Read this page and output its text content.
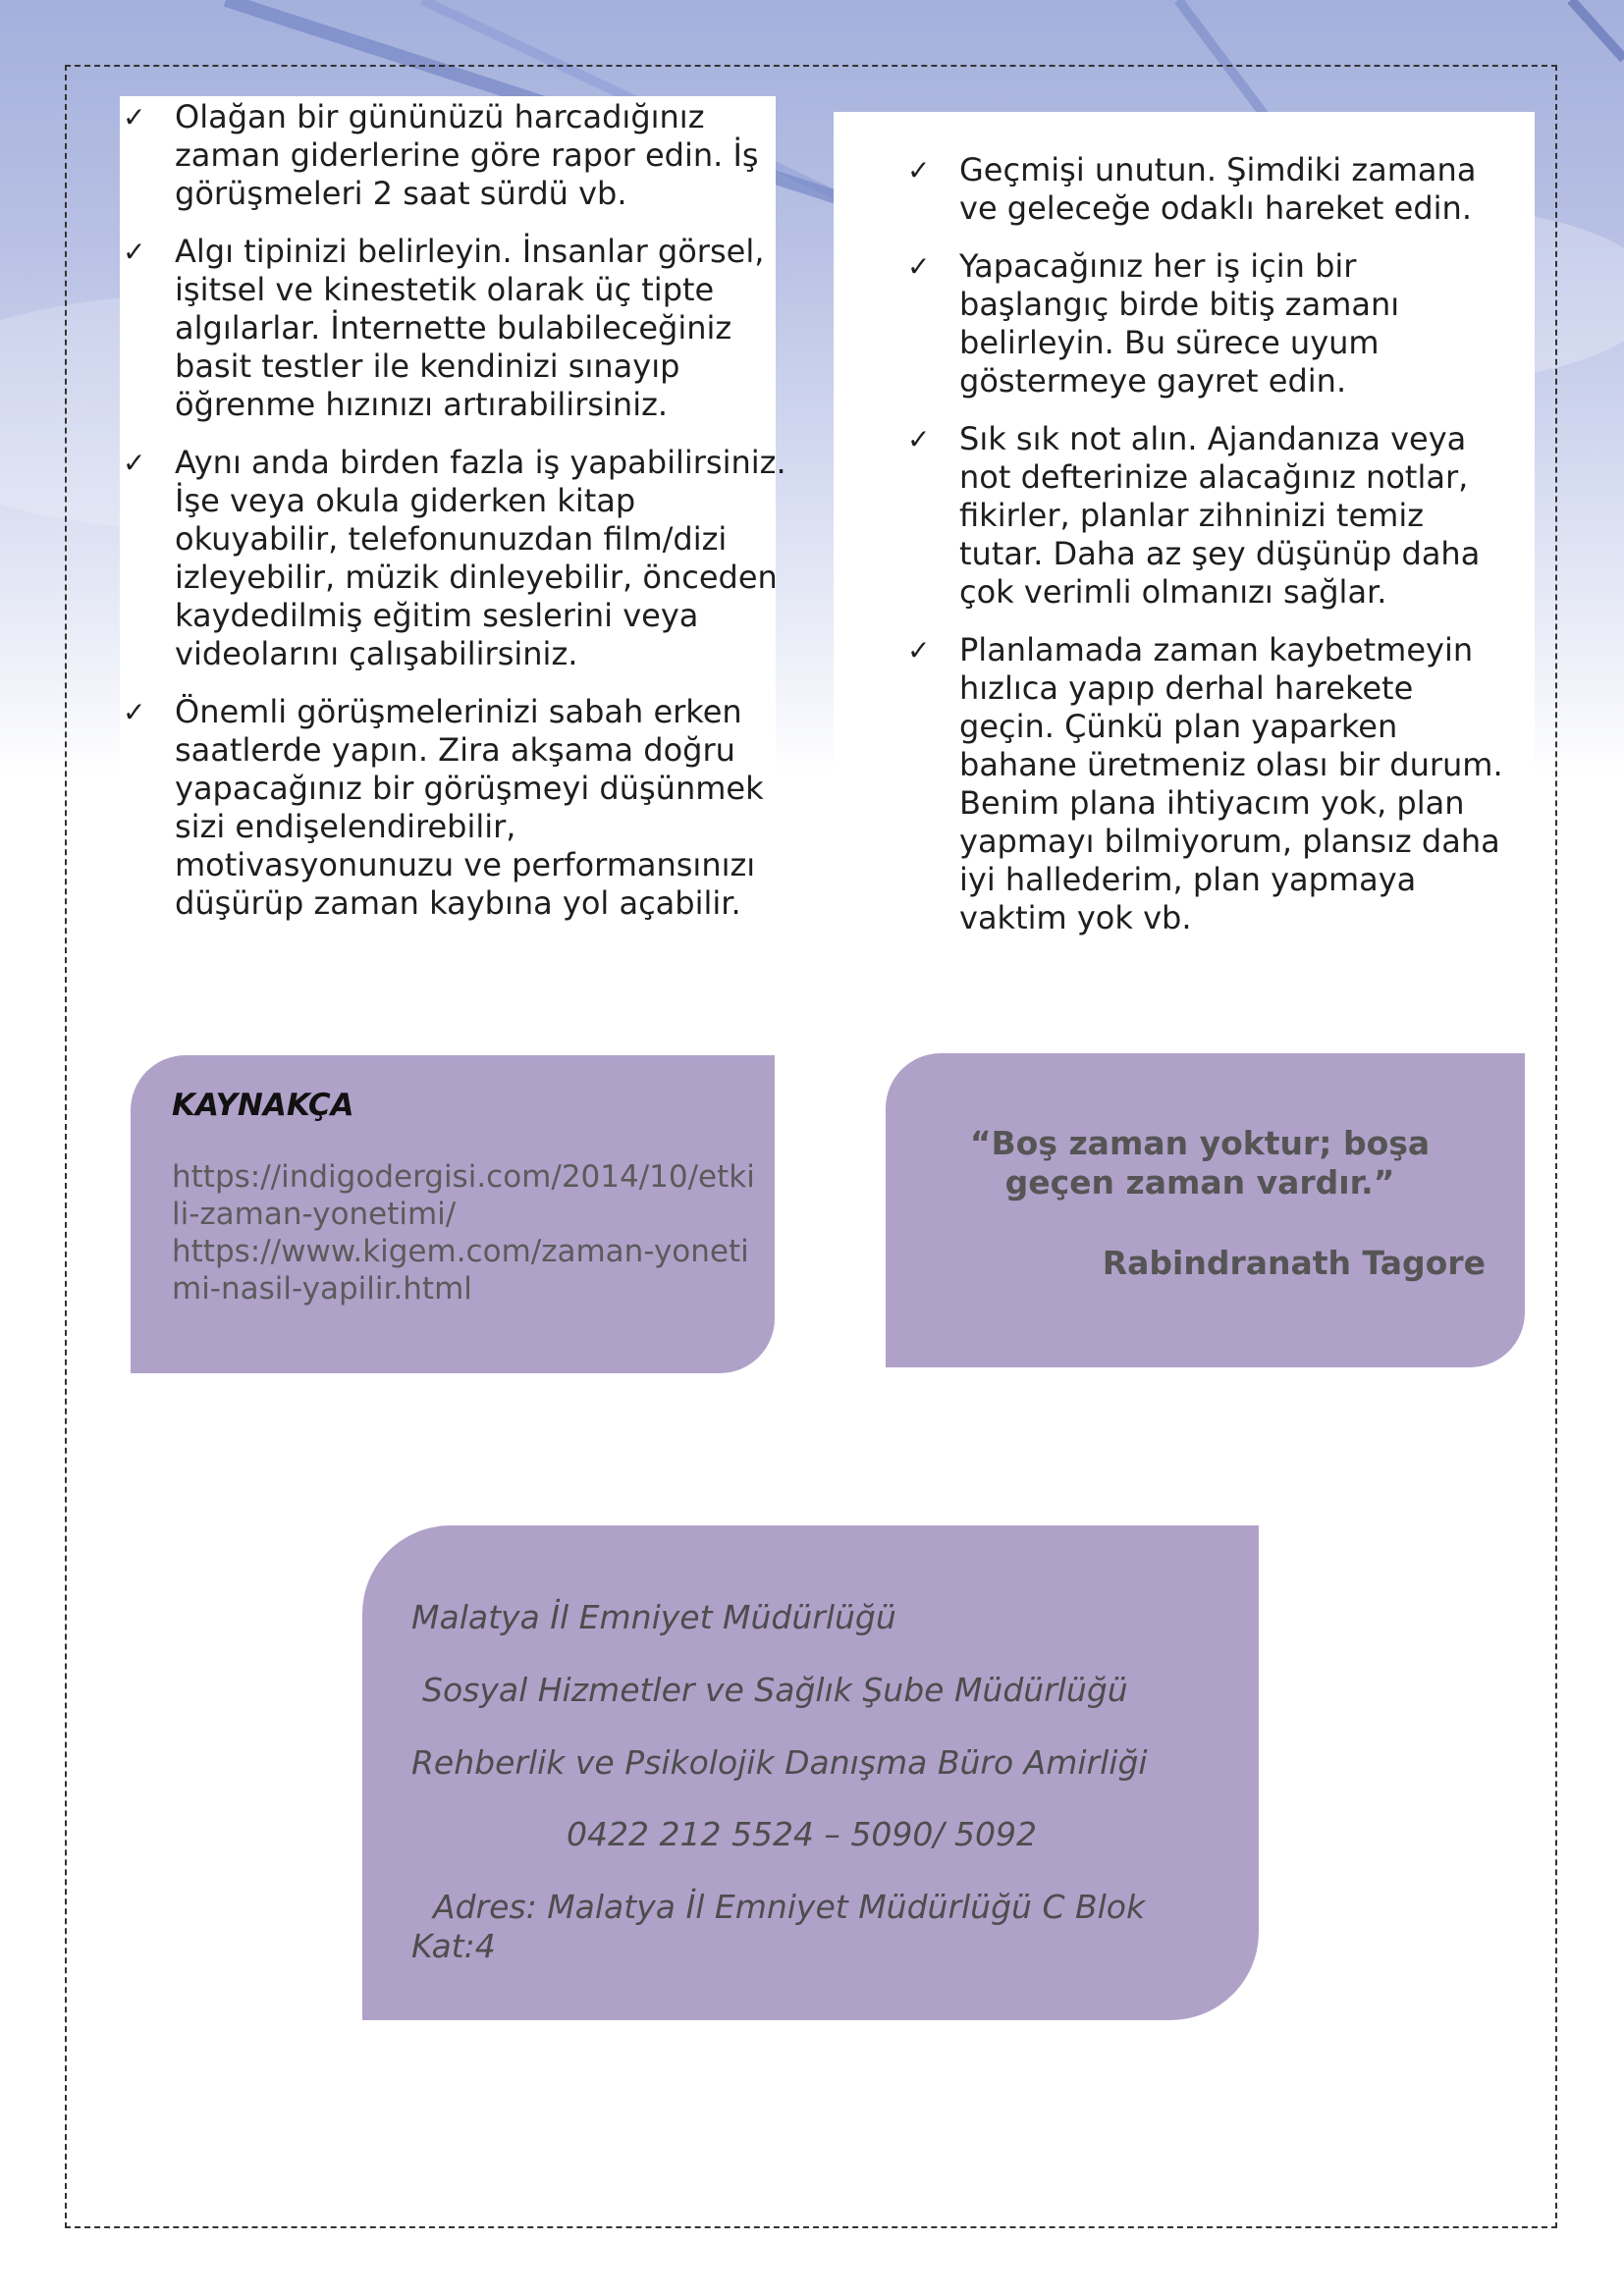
✓ Olağan bir gününüzü harcadığınız zaman giderlerine göre rapor edin. İş görüşmeleri 2 saat sürdü vb.
✓ Algı tipinizi belirleyin. İnsanlar görsel, işitsel ve kinestetik olarak üç tipte algılarlar. İnternette bulabileceğiniz basit testler ile kendinizi sınayıp öğrenme hızınızı artırabilirsiniz.
✓ Aynı anda birden fazla iş yapabilirsiniz. İşe veya okula giderken kitap okuyabilir, telefonunuzdan film/dizi izleyebilir, müzik dinleyebilir, önceden kaydedilmiş eğitim seslerini veya videolarını çalışabilirsiniz.
✓ Önemli görüşmelerinizi sabah erken saatlerde yapın. Zira akşama doğru yapacağınız bir görüşmeyi düşünmek sizi endişelendirebilir, motivasyonunuzu ve performansınızı düşürüp zaman kaybına yol açabilir.
✓ Geçmişi unutun. Şimdiki zamana ve geleceğe odaklı hareket edin.
✓ Yapacağınız her iş için bir başlangıç birde bitiş zamanı belirleyin. Bu sürece uyum göstermeye gayret edin.
✓ Sık sık not alın. Ajandanıza veya not defterinize alacağınız notlar, fikirler, planlar zihninizi temiz tutar. Daha az şey düşünüp daha çok verimli olmanızı sağlar.
✓ Planlamada zaman kaybetmeyin hızlıca yapıp derhal harekete geçin. Çünkü plan yaparken bahane üretmeniz olası bir durum. Benim plana ihtiyacım yok, plan yapmayı bilmiyorum, plansız daha iyi hallederim, plan yapmaya vaktim yok vb.
KAYNAKÇA
https://indigodergisi.com/2014/10/etkili-zaman-yonetimi/
https://www.kigem.com/zaman-yonetimi-nasil-yapilir.html
“Boş zaman yoktur; boşa geçen zaman vardır.”
Rabindranath Tagore
Malatya İl Emniyet Müdürlüğü
Sosyal Hizmetler ve Sağlık Şube Müdürlüğü
Rehberlik ve Psikolojik Danışma Büro Amirliği
0422 212 5524 – 5090/ 5092
Adres: Malatya İl Emniyet Müdürlüğü C Blok
Kat:4
